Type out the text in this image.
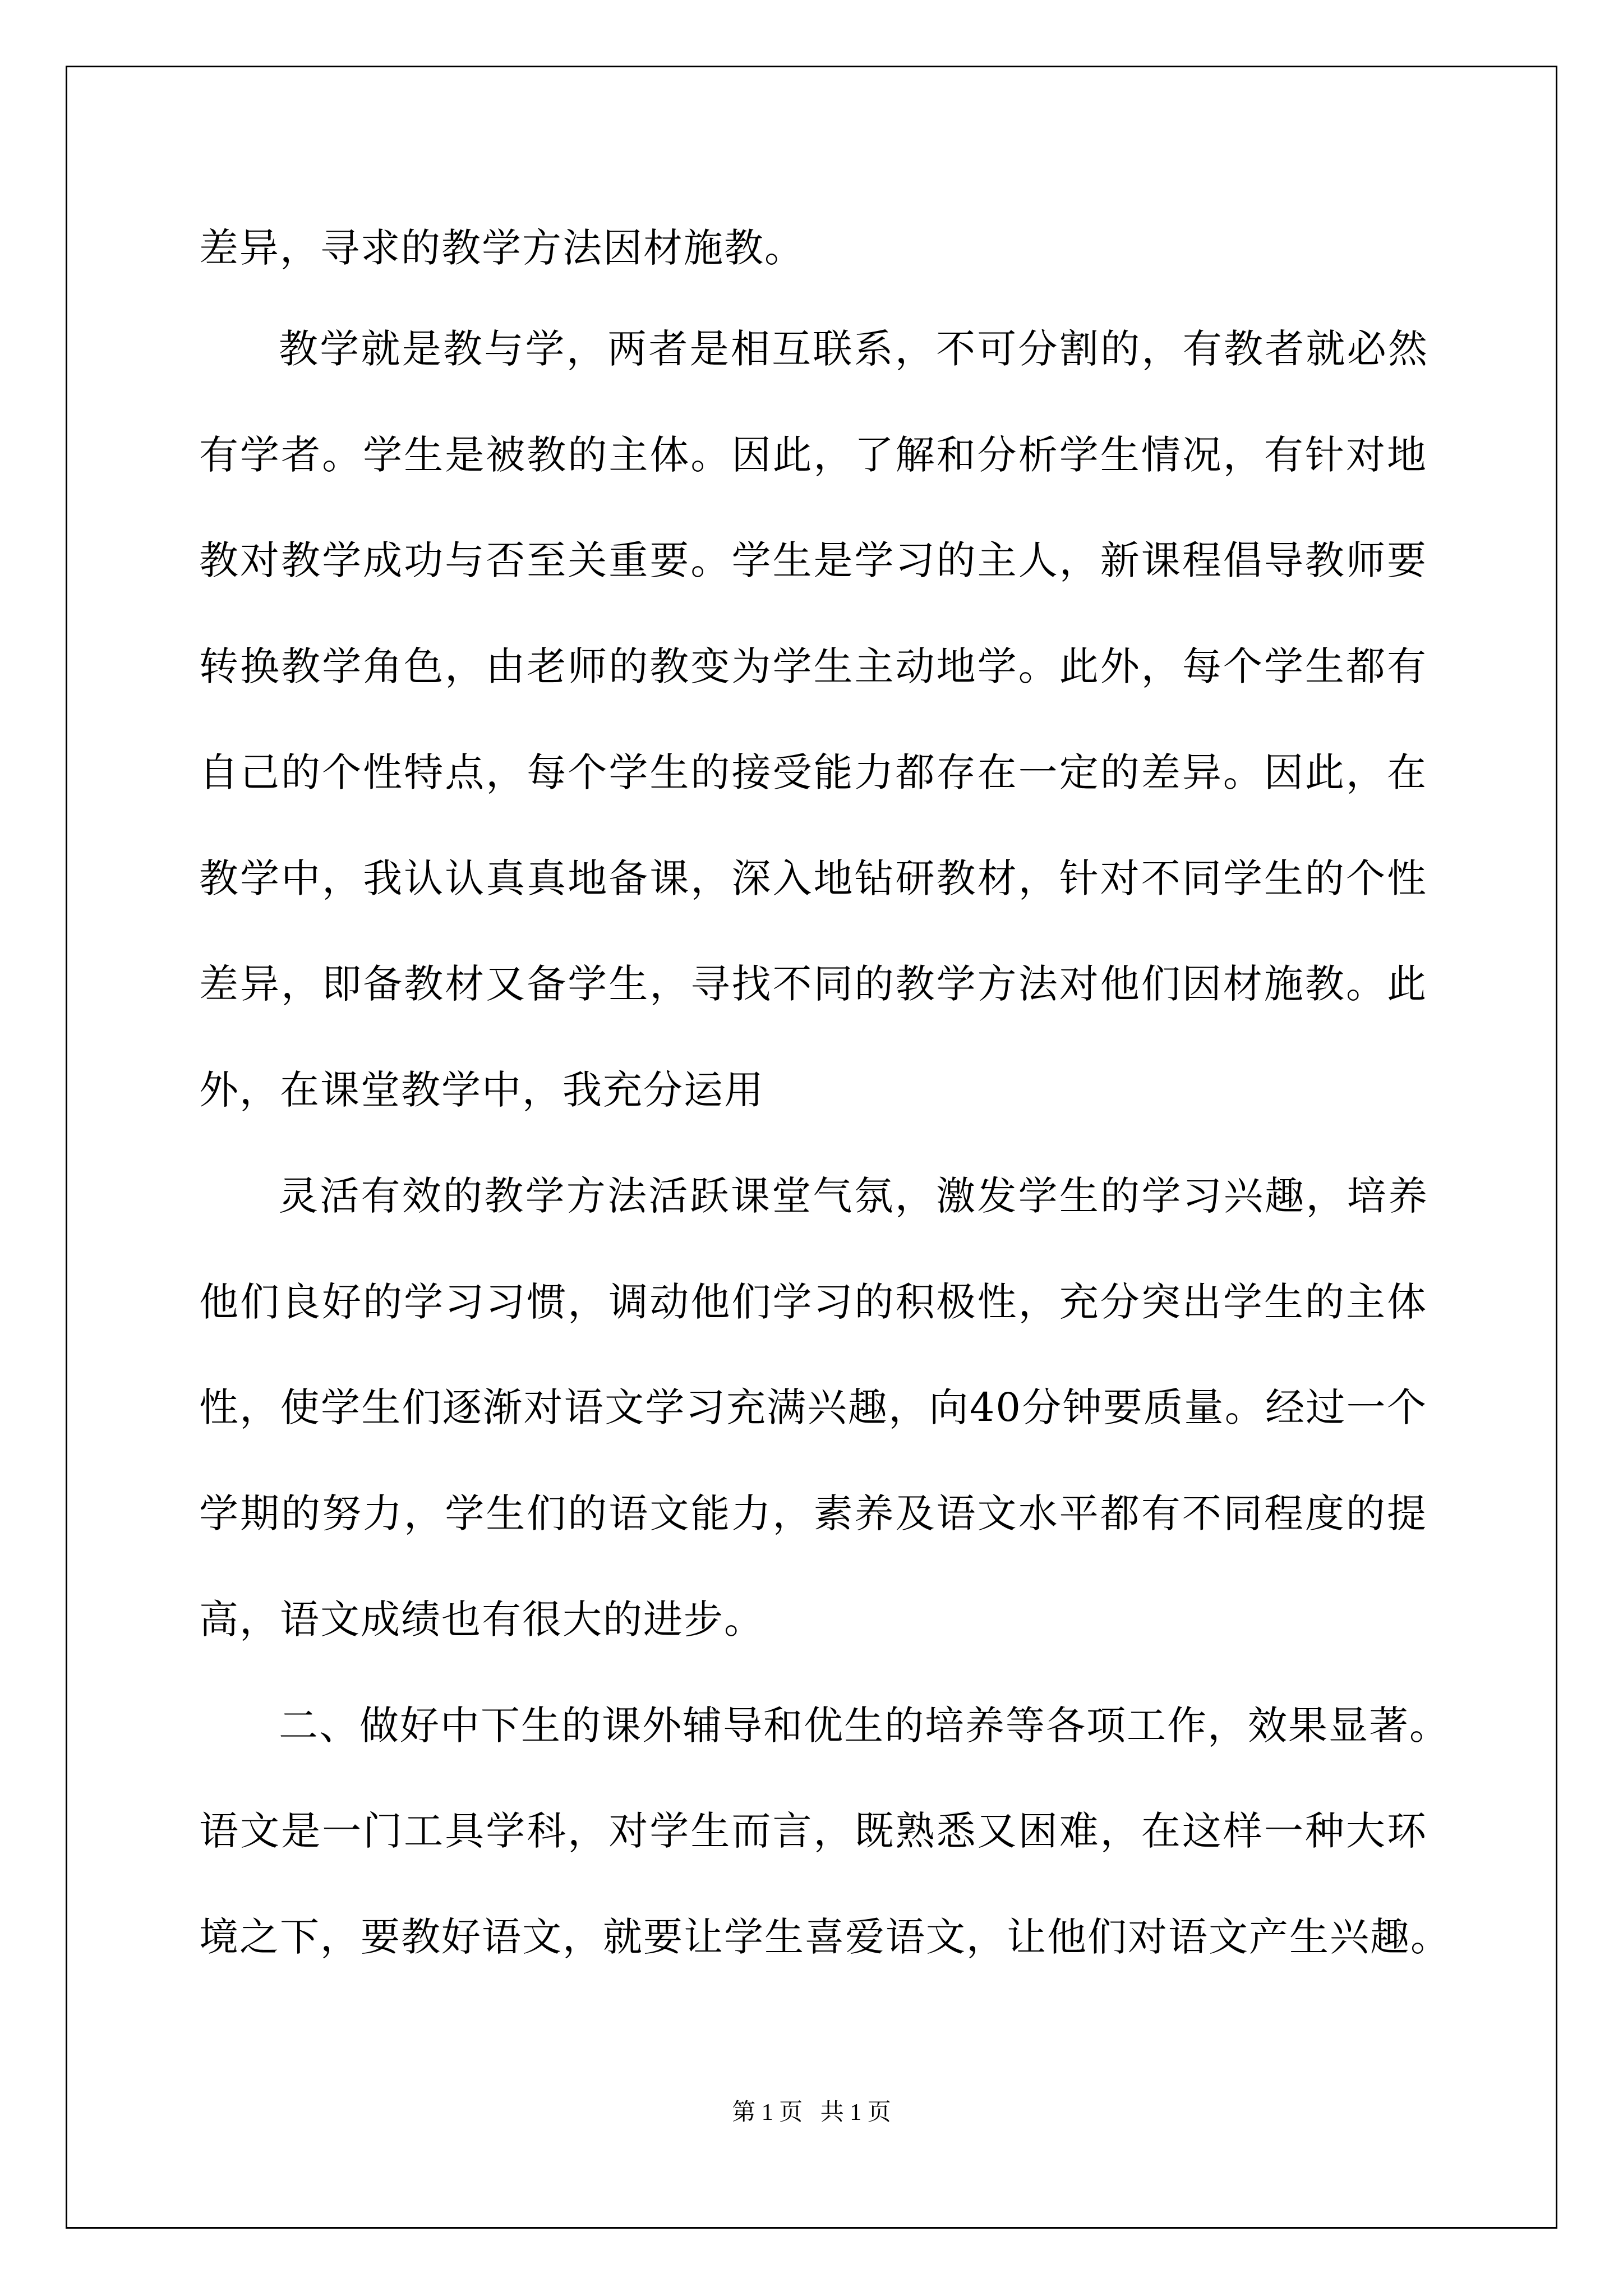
差异，寻求的教学方法因材施教。
教学就是教与学，两者是相互联系，不可分割的，有教者就必然
有学者。学生是被教的主体。因此，了解和分析学生情况，有针对地
教对教学成功与否至关重要。学生是学习的主人，新课程倡导教师要
转换教学角色，由老师的教变为学生主动地学。此外，每个学生都有
自己的个性特点，每个学生的接受能力都存在一定的差异。因此，在
教学中，我认认真真地备课，深入地钻研教材，针对不同学生的个性
差异，即备教材又备学生，寻找不同的教学方法对他们因材施教。此
外，在课堂教学中，我充分运用
灵活有效的教学方法活跃课堂气氛，激发学生的学习兴趣，培养
他们良好的学习习惯，调动他们学习的积极性，充分突出学生的主体
性，使学生们逐渐对语文学习充满兴趣，向40分钟要质量。经过一个
学期的努力，学生们的语文能力，素养及语文水平都有不同程度的提
高，语文成绩也有很大的进步。
二、做好中下生的课外辅导和优生的培养等各项工作，效果显著。
语文是一门工具学科，对学生而言，既熟悉又困难，在这样一种大环
境之下，要教好语文，就要让学生喜爱语文，让他们对语文产生兴趣。
第 1 页   共 1 页
